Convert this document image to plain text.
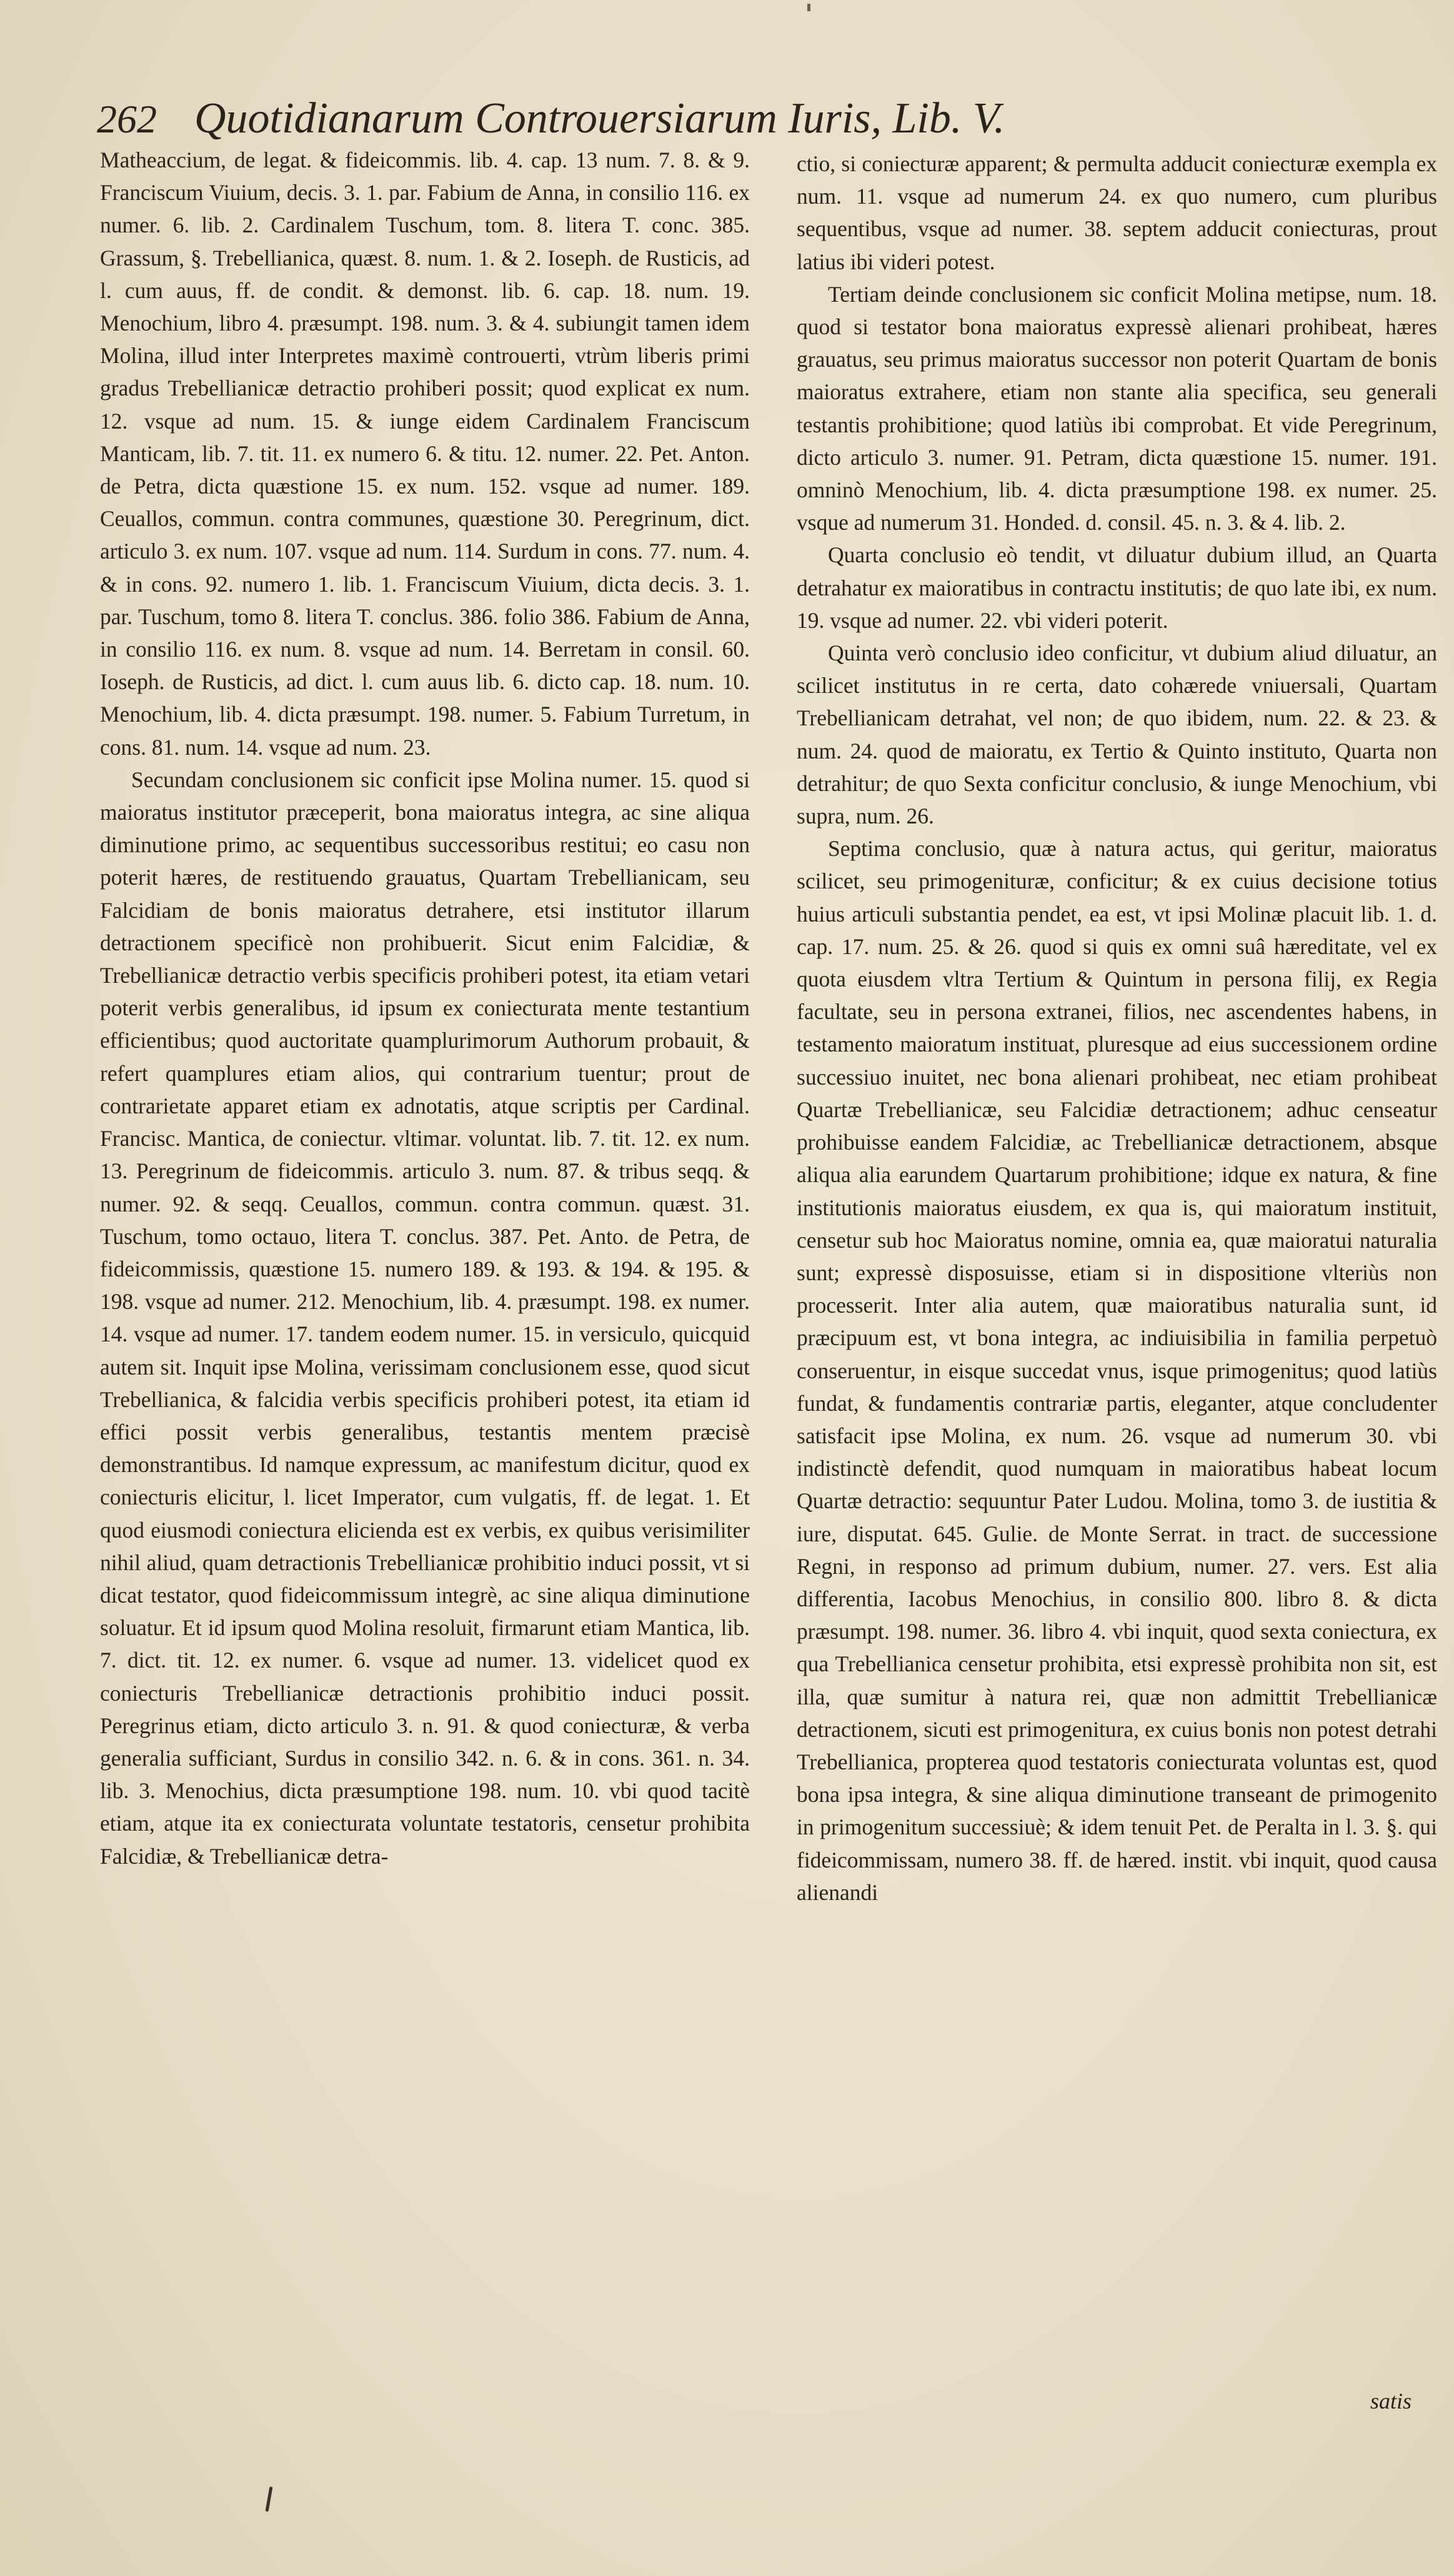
262 Quotidianarum Controuersiarum Iuris, Lib. V.

Matheaccium, de legat. & fideicommis. lib. 4. cap. 13 num. 7. 8. & 9. Franciscum Viuium, decis. 3. 1. par. Fabium de Anna, in consilio 116. ex numer. 6. lib. 2. Cardinalem Tuschum, tom. 8. litera T. conc. 385. Grassum, §. Trebellianica, quæst. 8. num. 1. & 2. Ioseph. de Rusticis, ad l. cum auus, ff. de condit. & demonst. lib. 6. cap. 18. num. 19. Menochium, libro 4. præsumpt. 198. num. 3. & 4. subiungit tamen idem Molina, illud inter Interpretes maximè controuerti, vtrùm liberis primi gradus Trebellianicæ detractio prohiberi possit; quod explicat ex num. 12. vsque ad num. 15. & iunge eidem Cardinalem Franciscum Manticam, lib. 7. tit. 11. ex numero 6. & titu. 12. numer. 22. Pet. Anton. de Petra, dicta quæstione 15. ex num. 152. vsque ad numer. 189. Ceuallos, commun. contra communes, quæstione 30. Peregrinum, dict. articulo 3. ex num. 107. vsque ad num. 114. Surdum in cons. 77. num. 4. & in cons. 92. numero 1. lib. 1. Franciscum Viuium, dicta decis. 3. 1. par. Tuschum, tomo 8. litera T. conclus. 386. folio 386. Fabium de Anna, in consilio 116. ex num. 8. vsque ad num. 14. Berretam in consil. 60. Ioseph. de Rusticis, ad dict. l. cum auus lib. 6. dicto cap. 18. num. 10. Menochium, lib. 4. dicta præsumpt. 198. numer. 5. Fabium Turretum, in cons. 81. num. 14. vsque ad num. 23.

Secundam conclusionem sic conficit ipse Molina numer. 15. quod si maioratus institutor præceperit, bona maioratus integra, ac sine aliqua diminutione primo, ac sequentibus successoribus restitui; eo casu non poterit hæres, de restituendo grauatus, Quartam Trebellianicam, seu Falcidiam de bonis maioratus detrahere, etsi institutor illarum detractionem specificè non prohibuerit. Sicut enim Falcidiæ, & Trebellianicæ detractio verbis specificis prohiberi potest, ita etiam vetari poterit verbis generalibus, id ipsum ex coniecturata mente testantium efficientibus; quod auctoritate quamplurimorum Authorum probauit, & refert quamplures etiam alios, qui contrarium tuentur; prout de contrarietate apparet etiam ex adnotatis, atque scriptis per Cardinal. Francisc. Mantica, de coniectur. vltimar. voluntat. lib. 7. tit. 12. ex num. 13. Peregrinum de fideicommis. articulo 3. num. 87. & tribus seqq. & numer. 92. & seqq. Ceuallos, commun. contra commun. quæst. 31. Tuschum, tomo octauo, litera T. conclus. 387. Pet. Anto. de Petra, de fideicommissis, quæstione 15. numero 189. & 193. & 194. & 195. & 198. vsque ad numer. 212. Menochium, lib. 4. præsumpt. 198. ex numer. 14. vsque ad numer. 17. tandem eodem numer. 15. in versiculo, quicquid autem sit. Inquit ipse Molina, verissimam conclusionem esse, quod sicut Trebellianica, & falcidia verbis specificis prohiberi potest, ita etiam id effici possit verbis generalibus, testantis mentem præcisè demonstrantibus. Id namque expressum, ac manifestum dicitur, quod ex coniecturis elicitur, l. licet Imperator, cum vulgatis, ff. de legat. 1. Et quod eiusmodi coniectura elicienda est ex verbis, ex quibus verisimiliter nihil aliud, quam detractionis Trebellianicæ prohibitio induci possit, vt si dicat testator, quod fideicommissum integrè, ac sine aliqua diminutione soluatur. Et id ipsum quod Molina resoluit, firmarunt etiam Mantica, lib. 7. dict. tit. 12. ex numer. 6. vsque ad numer. 13. videlicet quod ex coniecturis Trebellianicæ detractionis prohibitio induci possit. Peregrinus etiam, dicto articulo 3. n. 91. & quod coniecturæ, & verba generalia sufficiant, Surdus in consilio 342. n. 6. & in cons. 361. n. 34. lib. 3. Menochius, dicta præsumptione 198. num. 10. vbi quod tacitè etiam, atque ita ex coniecturata voluntate testatoris, censetur prohibita Falcidiæ, & Trebellianicæ detra-

ctio, si coniecturæ apparent; & permulta adducit coniecturæ exempla ex num. 11. vsque ad numerum 24. ex quo numero, cum pluribus sequentibus, vsque ad numer. 38. septem adducit coniecturas, prout latius ibi videri potest.

Tertiam deinde conclusionem sic conficit Molina metipse, num. 18. quod si testator bona maioratus expressè alienari prohibeat, hæres grauatus, seu primus maioratus successor non poterit Quartam de bonis maioratus extrahere, etiam non stante alia specifica, seu generali testantis prohibitione; quod latiùs ibi comprobat. Et vide Peregrinum, dicto articulo 3. numer. 91. Petram, dicta quæstione 15. numer. 191. omninò Menochium, lib. 4. dicta præsumptione 198. ex numer. 25. vsque ad numerum 31. Honded. d. consil. 45. n. 3. & 4. lib. 2.

Quarta conclusio eò tendit, vt diluatur dubium illud, an Quarta detrahatur ex maioratibus in contractu institutis; de quo late ibi, ex num. 19. vsque ad numer. 22. vbi videri poterit.

Quinta verò conclusio ideo conficitur, vt dubium aliud diluatur, an scilicet institutus in re certa, dato cohærede vniuersali, Quartam Trebellianicam detrahat, vel non; de quo ibidem, num. 22. & 23. & num. 24. quod de maioratu, ex Tertio & Quinto instituto, Quarta non detrahitur; de quo Sexta conficitur conclusio, & iunge Menochium, vbi supra, num. 26.

Septima conclusio, quæ à natura actus, qui geritur, maioratus scilicet, seu primogenituræ, conficitur; & ex cuius decisione totius huius articuli substantia pendet, ea est, vt ipsi Molinæ placuit lib. 1. d. cap. 17. num. 25. & 26. quod si quis ex omni suâ hæreditate, vel ex quota eiusdem vltra Tertium & Quintum in persona filij, ex Regia facultate, seu in persona extranei, filios, nec ascendentes habens, in testamento maioratum instituat, pluresque ad eius successionem ordine successiuo inuitet, nec bona alienari prohibeat, nec etiam prohibeat Quartæ Trebellianicæ, seu Falcidiæ detractionem; adhuc censeatur prohibuisse eandem Falcidiæ, ac Trebellianicæ detractionem, absque aliqua alia earundem Quartarum prohibitione; idque ex natura, & fine institutionis maioratus eiusdem, ex qua is, qui maioratum instituit, censetur sub hoc Maioratus nomine, omnia ea, quæ maioratui naturalia sunt; expressè disposuisse, etiam si in dispositione vlteriùs non processerit. Inter alia autem, quæ maioratibus naturalia sunt, id præcipuum est, vt bona integra, ac indiuisibilia in familia perpetuò conseruentur, in eisque succedat vnus, isque primogenitus; quod latiùs fundat, & fundamentis contrariæ partis, eleganter, atque concludenter satisfacit ipse Molina, ex num. 26. vsque ad numerum 30. vbi indistinctè defendit, quod numquam in maioratibus habeat locum Quartæ detractio: sequuntur Pater Ludou. Molina, tomo 3. de iustitia & iure, disputat. 645. Gulie. de Monte Serrat. in tract. de successione Regni, in responso ad primum dubium, numer. 27. vers. Est alia differentia, Iacobus Menochius, in consilio 800. libro 8. & dicta præsumpt. 198. numer. 36. libro 4. vbi inquit, quod sexta coniectura, ex qua Trebellianica censetur prohibita, etsi expressè prohibita non sit, est illa, quæ sumitur à natura rei, quæ non admittit Trebellianicæ detractionem, sicuti est primogenitura, ex cuius bonis non potest detrahi Trebellianica, propterea quod testatoris coniecturata voluntas est, quod bona ipsa integra, & sine aliqua diminutione transeant de primogenito in primogenitum successiuè; & idem tenuit Pet. de Peralta in l. 3. §. qui fideicommissam, numero 38. ff. de hæred. instit. vbi inquit, quod causa alienandi

satis
